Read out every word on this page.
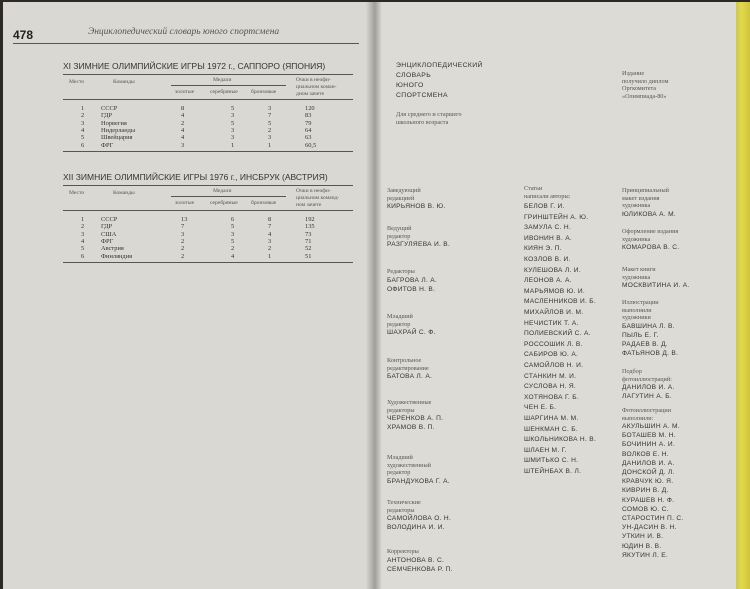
478	Энциклопедический словарь юного спортсмена
XI ЗИМНИЕ ОЛИМПИЙСКИЕ ИГРЫ 1972 г., САППОРО (ЯПОНИЯ)
Место	Команды	Медали
золотые	серебряные бронзовые
Очки в неофи-
циальном коман-
дном зачете
1	СССР	8	5	3	120
2	ГДР	4	3	7	83
3	Норвегия	2	5	5	79
4	Нидерланды	4	3	2	64
5	Швейцария	4	3	3	63
6	ФРГ	3	1	1	60,5
XII ЗИМНИЕ ОЛИМПИЙСКИЕ ИГРЫ 1976 г., ИНСБРУК (АВСТРИЯ)
Место	Команды	Медали
золотые	серебряные бронзовые
Очки в неофи-
циальном команд-
ном зачете
1	СССР	13	6	8	192
2	ГДР	7	5	7	135
3	США	3	3	4	73
4	ФРГ	2	5	3	71
5	Австрия	2	2	2	52
6	Финляндия	2	4	1	51
ЭНЦИКЛОПЕДИЧЕСКИЙ
СЛОВАРЬ
ЮНОГО
СПОРТСМЕНА
Для среднего и старшего
школьного возраста
Издание
получило диплом
Оргкомитета
«Олимпиада-80»
Заведующий
редакцией
КИРЬЯНОВ В. Ю.
Ведущий
редактор
РАЗГУЛЯЕВА И. В.
Редакторы
БАГРОВА Л. А.
ОФИТОВ Н. В.
Младший
редактор
ШАХРАЙ С. Ф.
Контрольное
редактирование
БАТОВА Л. А.
Художественные
редакторы
ЧЕРЕНКОВ А. П.
ХРАМОВ В. П.
Младший
художественный
редактор
БРАНДУКОВА Г. А.
Технические
редакторы
САМОЙЛОВА О. Н.
ВОЛОДИНА И. И.
Корректоры
АНТОНОВА В. С.
СЕМЧЕНКОВА Р. П.
Статьи
написали авторы:
БЕЛОВ Г. И.
ГРИНШТЕЙН А. Ю.
ЗАМУЛА С. Н.
ИВОНИН В. А.
КИЯН Э. П.
КОЗЛОВ В. И.
КУЛЕШОВА Л. И.
ЛЕОНОВ А. А.
МАРЬЯМОВ Ю. И.
МАСЛЕННИКОВ И. Б.
МИХАЙЛОВ И. М.
НЕЧИСТИК Т. А.
ПОЛИЕВСКИЙ С. А.
РОССОШИК Л. В.
САБИРОВ Ю. А.
САМОЙЛОВ Н. И.
СТАНКИН М. И.
СУСЛОВА Н. Я.
ХОТЯНОВА Г. Б.
ЧЕН Е. Б.
ШАРГИНА М. М.
ШЕНКМАН С. Б.
ШКОЛЬНИКОВА Н. В.
ШЛАЕН М. Г.
ШМИТЬКО С. Н.
ШТЕЙНБАХ В. Л.
Принципиальный
макет издания
художника
ЮЛИКОВА А. М.
Оформление издания
художника
КОМАРОВА В. С.
Макет книги
художника
МОСКВИТИНА И. А.
Иллюстрации
выполнили
художники
БАВШИНА Л. В.
ПЫЛЬ Е. Г.
РАДАЕВ В. Д.
ФАТЬЯНОВ Д. В.
Подбор
фотоиллюстраций:
ДАНИЛОВ И. А.
ЛАГУТИН А. Б.
Фотоиллюстрации
выполнили:
АКУЛЬШИН А. М.
БОТАШЕВ М. Н.
БОЧИНИН А. И.
ВОЛКОВ Е. Н.
ДАНИЛОВ И. А.
ДОНСКОЙ Д. Л.
КРАВЧУК Ю. Я.
КИВРИН В. Д.
КУРАШЕВ Н. Ф.
СОМОВ Ю. С.
СТАРОСТИН П. С.
УН-ДАСИН В. Н.
УТКИН И. В.
ЮДИН В. В.
ЯКУТИН Л. Е.
